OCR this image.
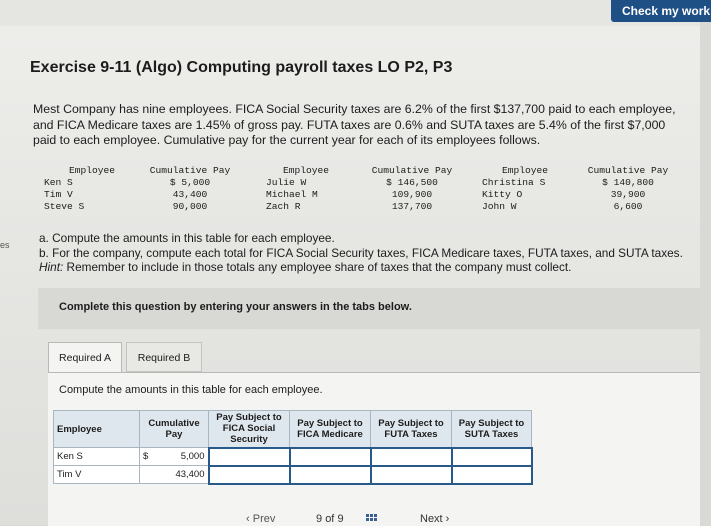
Check my work
Exercise 9-11 (Algo) Computing payroll taxes LO P2, P3
es

Mest Company has nine employees. FICA Social Security taxes are 6.2% of the first $137,700 paid to each employee, and FICA Medicare taxes are 1.45% of gross pay. FUTA taxes are 0.6% and SUTA taxes are 5.4% of the first $7,000 paid to each employee. Cumulative pay for the current year for each of its employees follows.

Employee	Cumulative Pay		Employee	Cumulative Pay		Employee	Cumulative Pay
Ken S	$ 5,000		Julie W	$ 146,500		Christina S	$ 140,800
Tim V	43,400		Michael M	109,900		Kitty O	39,900
Steve S	90,000		Zach R	137,700		John W	6,600
a. Compute the amounts in this table for each employee.
b. For the company, compute each total for FICA Social Security taxes, FICA Medicare taxes, FUTA taxes, and SUTA taxes. Hint: Remember to include in those totals any employee share of taxes that the company must collect.
Complete this question by entering your answers in the tabs below.
Required A	Required B
Compute the amounts in this table for each employee.
Employee	Cumulative Pay		Pay Subject to FICA Social Security	Pay Subject to FICA Medicare	Pay Subject to FUTA Taxes	Pay Subject to SUTA Taxes
Ken S	$	5,000				
Tim V		43,400				
‹ Prev	9 of 9	Next ›
